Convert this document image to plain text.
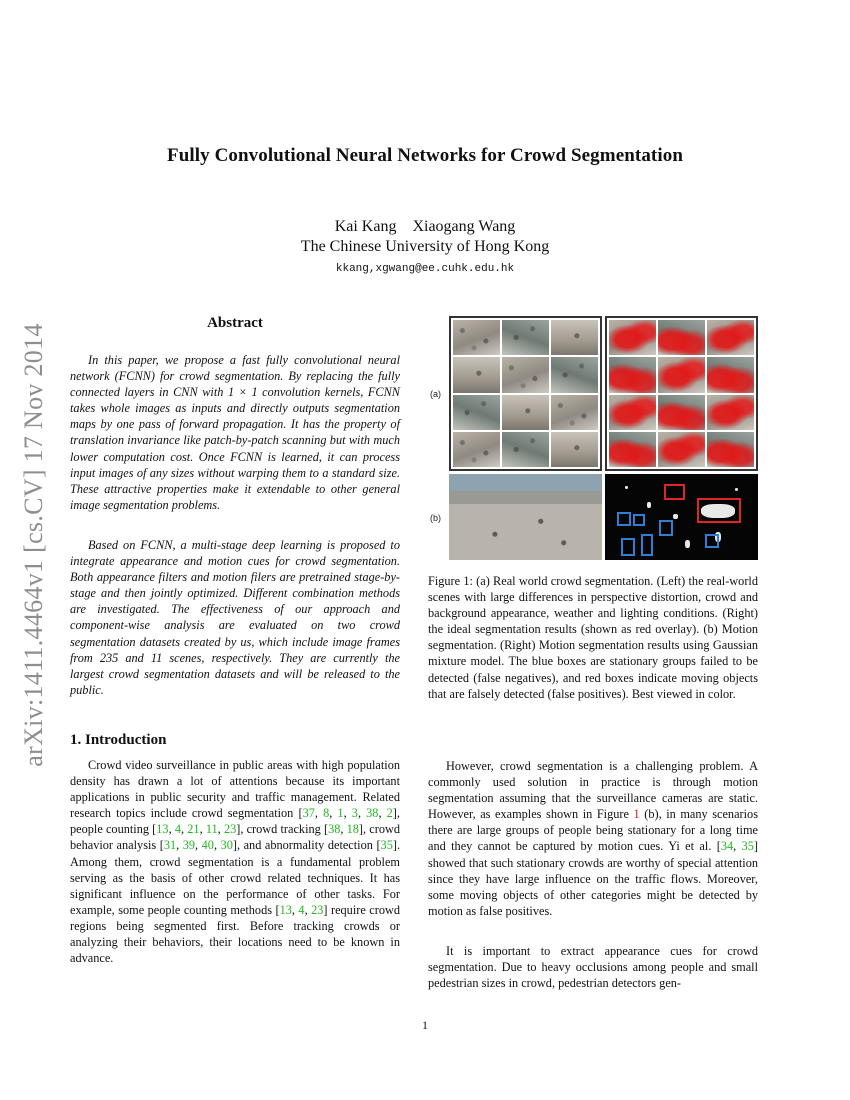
arXiv:1411.4464v1 [cs.CV] 17 Nov 2014
Fully Convolutional Neural Networks for Crowd Segmentation
Kai Kang Xiaogang Wang
The Chinese University of Hong Kong
kkang,xgwang@ee.cuhk.edu.hk
Abstract

In this paper, we propose a fast fully convolutional neural network (FCNN) for crowd segmentation. By replacing the fully connected layers in CNN with 1 × 1 convolution kernels, FCNN takes whole images as inputs and directly outputs segmentation maps by one pass of forward propagation. It has the property of translation invariance like patch-by-patch scanning but with much lower computation cost. Once FCNN is learned, it can process input images of any sizes without warping them to a standard size. These attractive properties make it extendable to other general image segmentation problems.

Based on FCNN, a multi-stage deep learning is proposed to integrate appearance and motion cues for crowd segmentation. Both appearance filters and motion filers are pretrained stage-by-stage and then jointly optimized. Different combination methods are investigated. The effectiveness of our approach and component-wise analysis are evaluated on two crowd segmentation datasets created by us, which include image frames from 235 and 11 scenes, respectively. They are currently the largest crowd segmentation datasets and will be released to the public.

1. Introduction

Crowd video surveillance in public areas with high population density has drawn a lot of attentions because its important applications in public security and traffic management. Related research topics include crowd segmentation [37, 8, 1, 3, 38, 2], people counting [13, 4, 21, 11, 23], crowd tracking [38, 18], crowd behavior analysis [31, 39, 40, 30], and abnormality detection [35]. Among them, crowd segmentation is a fundamental problem serving as the basis of other crowd related techniques. It has significant influence on the performance of other tasks. For example, some people counting methods [13, 4, 23] require crowd regions being segmented first. Before tracking crowds or analyzing their behaviors, their locations need to be known in advance.

(a)
(b)
Figure 1: (a) Real world crowd segmentation. (Left) the real-world scenes with large differences in perspective distortion, crowd and background appearance, weather and lighting conditions. (Right) the ideal segmentation results (shown as red overlay). (b) Motion segmentation. (Right) Motion segmentation results using Gaussian mixture model. The blue boxes are stationary groups failed to be detected (false negatives), and red boxes indicate moving objects that are falsely detected (false positives). Best viewed in color.

However, crowd segmentation is a challenging problem. A commonly used solution in practice is through motion segmentation assuming that the surveillance cameras are static. However, as examples shown in Figure 1 (b), in many scenarios there are large groups of people being stationary for a long time and they cannot be captured by motion cues. Yi et al. [34, 35] showed that such stationary crowds are worthy of special attention since they have large influence on the traffic flows. Moreover, some moving objects of other categories might be detected by motion as false positives.

It is important to extract appearance cues for crowd segmentation. Due to heavy occlusions among people and small pedestrian sizes in crowd, pedestrian detectors gen-

1
